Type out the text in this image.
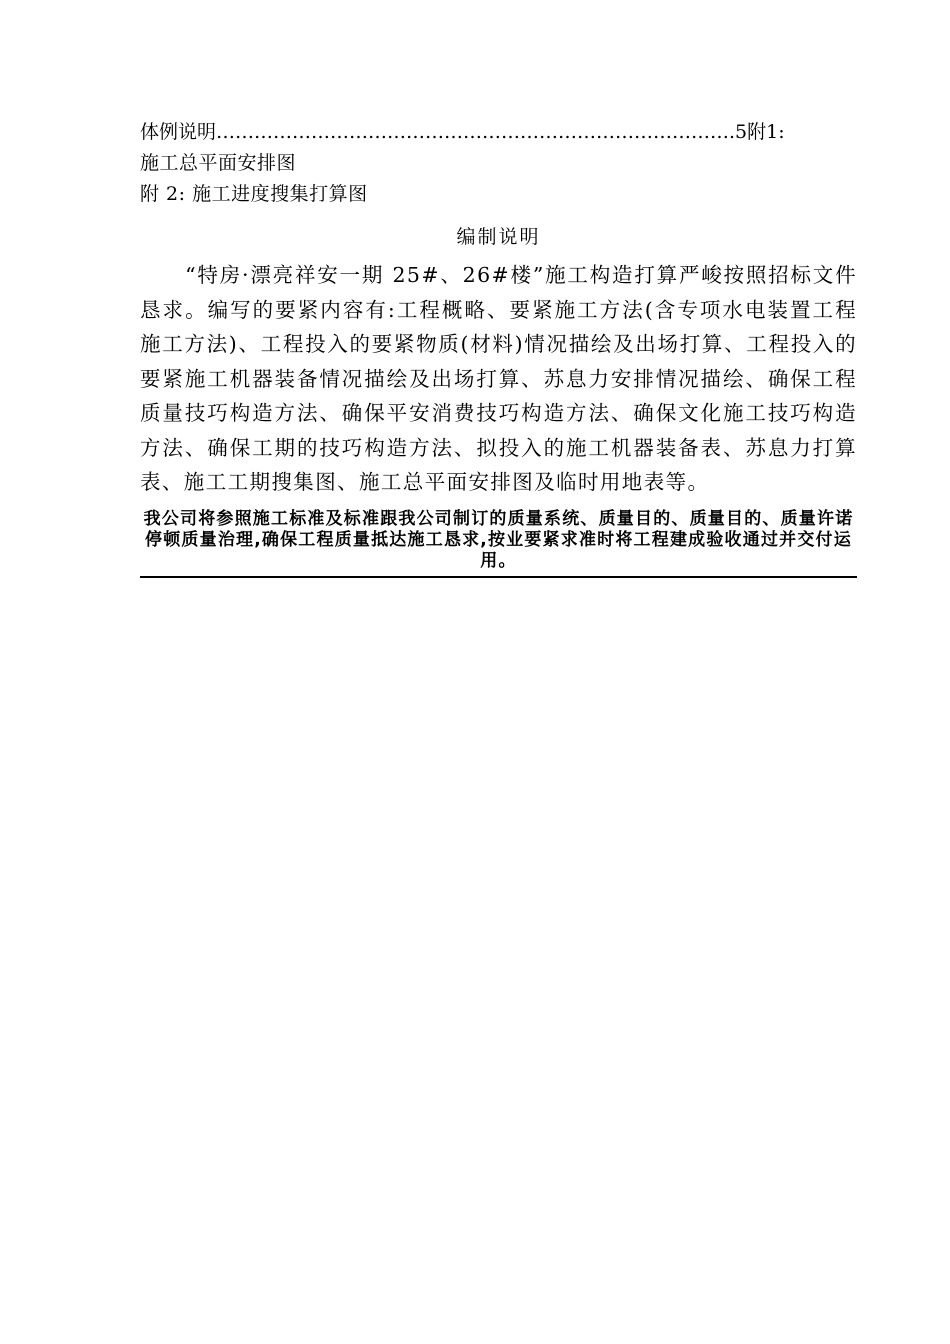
体例说明……………………………………………………………………….5附1:
施工总平面安排图
附 2: 施工进度搜集打算图
编制说明

“特房·漂亮祥安一期 25#、26#楼”施工构造打算严峻按照招标文件恳求。编写的要紧内容有:工程概略、要紧施工方法(含专项水电装置工程施工方法)、工程投入的要紧物质(材料)情况描绘及出场打算、工程投入的要紧施工机器装备情况描绘及出场打算、苏息力安排情况描绘、确保工程质量技巧构造方法、确保平安消费技巧构造方法、确保文化施工技巧构造方法、确保工期的技巧构造方法、拟投入的施工机器装备表、苏息力打算表、施工工期搜集图、施工总平面安排图及临时用地表等。

我公司将参照施工标准及标准跟我公司制订的质量系统、质量目的、质量目的、质量许诺停顿质量治理,确保工程质量抵达施工恳求,按业要紧求准时将工程建成验收通过并交付运用。
